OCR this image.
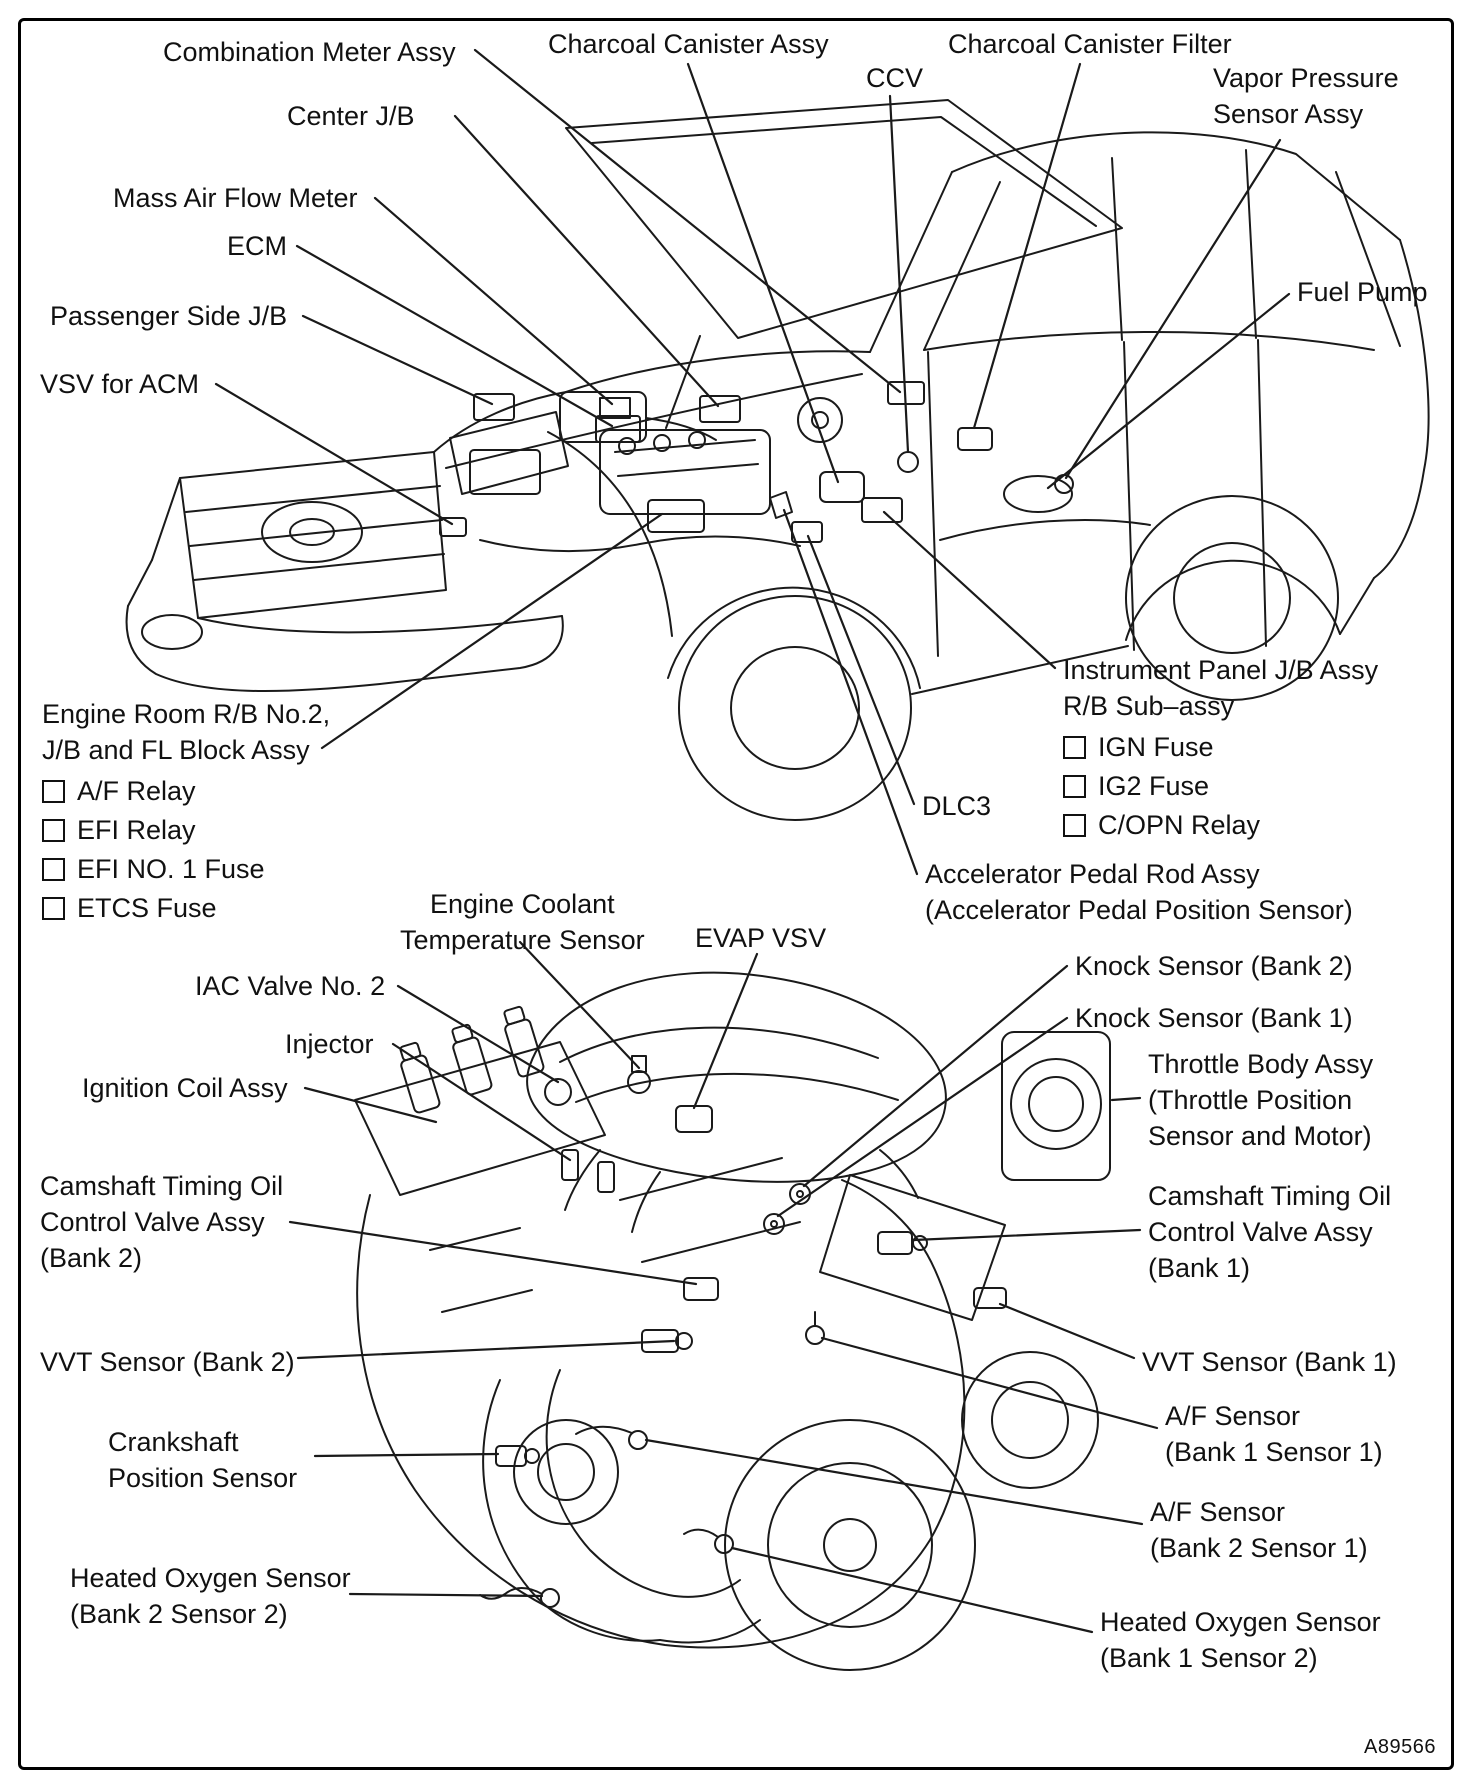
Combination Meter Assy	Charcoal Canister Assy
CCV
Charcoal Canister Filter
Vapor Pressure
Sensor Assy
Center J/B
Mass Air Flow Meter
ECM
Passenger Side J/B
VSV for ACM
Fuel Pump
Instrument Panel J/B Assy
R/B Sub–assy
IGN Fuse
IG2 Fuse
C/OPN Relay
Engine Room R/B No.2,
J/B and FL Block Assy
A/F Relay
EFI Relay
EFI NO. 1 Fuse
ETCS Fuse
DLC3
Accelerator Pedal Rod Assy
(Accelerator Pedal Position Sensor)
Engine Coolant
Temperature Sensor EVAP VSV
IAC Valve No. 2
Injector
Ignition Coil Assy
Knock Sensor (Bank 2)
Knock Sensor (Bank 1)
Throttle Body Assy
(Throttle Position
Sensor and Motor)
Camshaft Timing Oil
Control Valve Assy
(Bank 2)
Camshaft Timing Oil
Control Valve Assy
(Bank 1)
VVT Sensor (Bank 2)	VVT Sensor (Bank 1)
A/F Sensor
(Bank 1 Sensor 1)
Crankshaft
Position Sensor
A/F Sensor
(Bank 2 Sensor 1)
Heated Oxygen Sensor
(Bank 2 Sensor 2)	Heated Oxygen Sensor
(Bank 1 Sensor 2)
A89566
